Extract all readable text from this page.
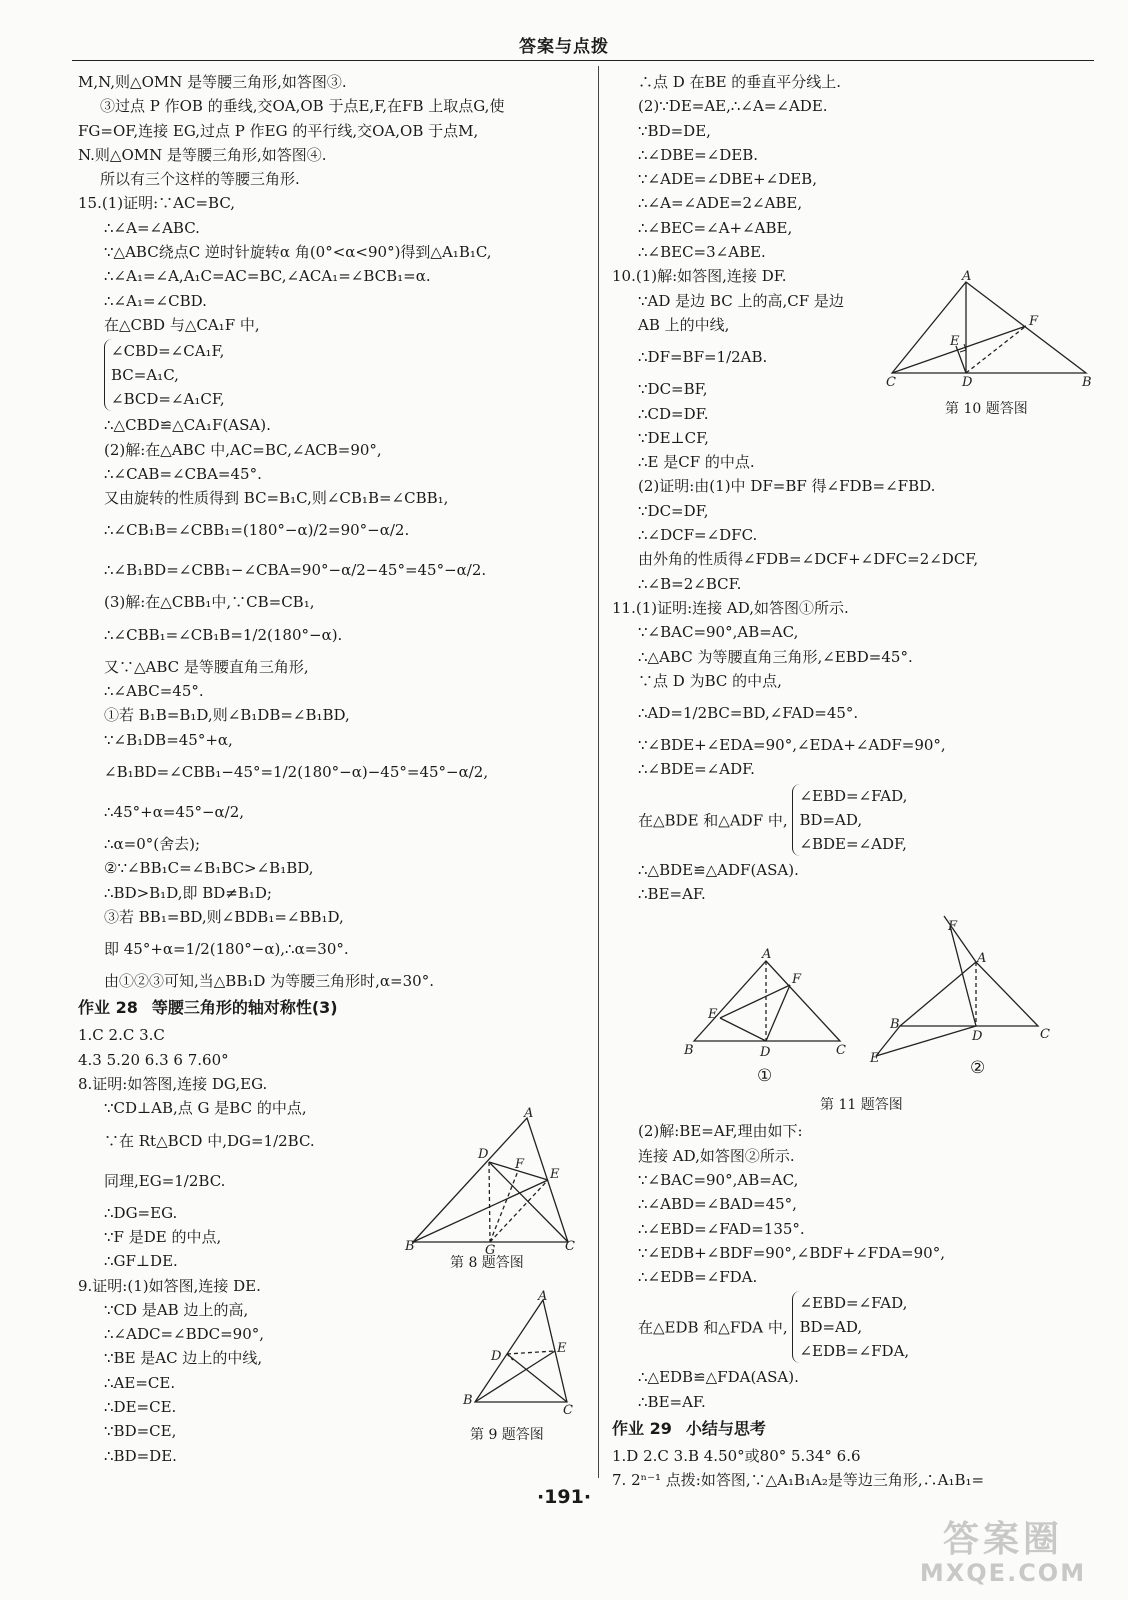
答案与点拨
M,N,则△OMN 是等腰三角形,如答图③.
③过点 P 作OB 的垂线,交OA,OB 于点E,F,在FB 上取点G,使
FG=OF,连接 EG,过点 P 作EG 的平行线,交OA,OB 于点M,
N.则△OMN 是等腰三角形,如答图④.
所以有三个这样的等腰三角形.
15.(1)证明:∵AC=BC,
∴∠A=∠ABC.
∵△ABC绕点C 逆时针旋转α 角(0°<α<90°)得到△A₁B₁C,
∴∠A₁=∠A,A₁C=AC=BC,∠ACA₁=∠BCB₁=α.
∴∠A₁=∠CBD.
在△CBD 与△CA₁F 中,
∠CBD=∠CA₁F,
BC=A₁C,
∠BCD=∠A₁CF,
∴△CBD≌△CA₁F(ASA).
(2)解:在△ABC 中,AC=BC,∠ACB=90°,
∴∠CAB=∠CBA=45°.
又由旋转的性质得到 BC=B₁C,则∠CB₁B=∠CBB₁,
∴∠CB₁B=∠CBB₁=(180°−α)/2=90°−α/2.
∴∠B₁BD=∠CBB₁−∠CBA=90°−α/2−45°=45°−α/2.
(3)解:在△CBB₁中,∵CB=CB₁,
∴∠CBB₁=∠CB₁B=1/2(180°−α).
又∵△ABC 是等腰直角三角形,
∴∠ABC=45°.
①若 B₁B=B₁D,则∠B₁DB=∠B₁BD,
∵∠B₁DB=45°+α,
∠B₁BD=∠CBB₁−45°=1/2(180°−α)−45°=45°−α/2,
∴45°+α=45°−α/2,
∴α=0°(舍去);
②∵∠BB₁C=∠B₁BC>∠B₁BD,
∴BD>B₁D,即 BD≠B₁D;
③若 BB₁=BD,则∠BDB₁=∠BB₁D,
即 45°+α=1/2(180°−α),∴α=30°.
由①②③可知,当△BB₁D 为等腰三角形时,α=30°.
作业 28 等腰三角形的轴对称性(3)
1.C 2.C 3.C
4.3 5.20 6.3 6 7.60°
8.证明:如答图,连接 DG,EG.
∵CD⊥AB,点 G 是BC 的中点,
∵在 Rt△BCD 中,DG=1/2BC.
同理,EG=1/2BC.
∴DG=EG.
∵F 是DE 的中点,
∴GF⊥DE.
9.证明:(1)如答图,连接 DE.
∵CD 是AB 边上的高,
∴∠ADC=∠BDC=90°,
∵BE 是AC 边上的中线,
∴AE=CE.
∴DE=CE.
∵BD=CE,
∴BD=DE.
∴点 D 在BE 的垂直平分线上.
(2)∵DE=AE,∴∠A=∠ADE.
∵BD=DE,
∴∠DBE=∠DEB.
∵∠ADE=∠DBE+∠DEB,
∴∠A=∠ADE=2∠ABE,
∴∠BEC=∠A+∠ABE,
∴∠BEC=3∠ABE.
10.(1)解:如答图,连接 DF.
∵AD 是边 BC 上的高,CF 是边
AB 上的中线,
∴DF=BF=1/2AB.
∵DC=BF,
∴CD=DF.
∵DE⊥CF,
∴E 是CF 的中点.
(2)证明:由(1)中 DF=BF 得∠FDB=∠FBD.
∵DC=DF,
∴∠DCF=∠DFC.
由外角的性质得∠FDB=∠DCF+∠DFC=2∠DCF,
∴∠B=2∠BCF.
11.(1)证明:连接 AD,如答图①所示.
∵∠BAC=90°,AB=AC,
∴△ABC 为等腰直角三角形,∠EBD=45°.
∵点 D 为BC 的中点,
∴AD=1/2BC=BD,∠FAD=45°.
∵∠BDE+∠EDA=90°,∠EDA+∠ADF=90°,
∴∠BDE=∠ADF.
在△BDE 和△ADF 中,
∠EBD=∠FAD,
BD=AD,
∠BDE=∠ADF,
∴△BDE≌△ADF(ASA).
∴BE=AF.
(2)解:BE=AF,理由如下:
连接 AD,如答图②所示.
∵∠BAC=90°,AB=AC,
∴∠ABD=∠BAD=45°,
∴∠EBD=∠FAD=135°.
∵∠EDB+∠BDF=90°,∠BDF+∠FDA=90°,
∴∠EDB=∠FDA.
在△EDB 和△FDA 中,
∠EBD=∠FAD,
BD=AD,
∠EDB=∠FDA,
∴△EDB≌△FDA(ASA).
∴BE=AF.
作业 29 小结与思考
1.D 2.C 3.B 4.50°或80° 5.34° 6.6
7. 2ⁿ⁻¹ 点拨:如答图,∵△A₁B₁A₂是等边三角形,∴A₁B₁=
A
B	C
D
E
F
G
第 8 题答图
A
B
C
D
E
第 9 题答图
A
C	B
D
E
F
第 10 题答图
A
B	C
D
E
F
A
B
C
D
E
F
①	②
第 11 题答图
·191·
答案圈
MXQE.COM
